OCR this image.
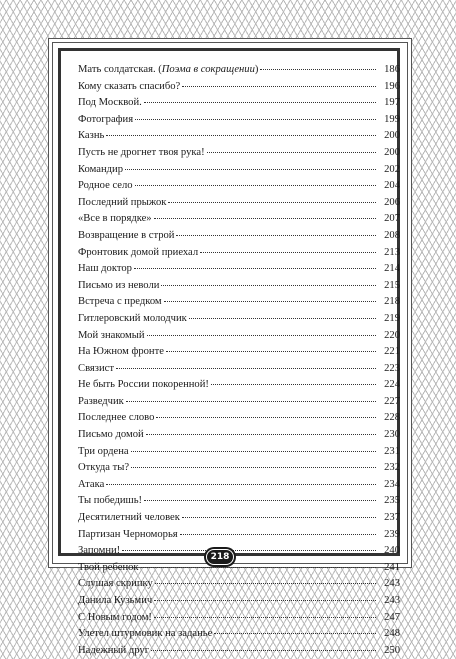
Мать солдатская. (Поэма в сокращении)	186
Кому сказать спасибо?	196
Под Москвой.	197
Фотография	199
Казнь	200
Пусть не дрогнет твоя рука!	200
Командир	202
Родное село	204
Последний прыжок	206
«Все в порядке»	207
Возвращение в строй	208
Фронтовик домой приехал	213
Наш доктор	214
Письмо из неволи	215
Встреча с предком	218
Гитлеровский молодчик	219
Мой знакомый	220
На Южном фронте	221
Связист	223
Не быть России покоренной!	224
Разведчик	227
Последнее слово	228
Письмо домой	230
Три ордена	231
Откуда ты?	232
Атака	234
Ты победишь!	235
Десятилетний человек	237
Партизан Черноморья	239
Запомни!	240
Твой ребенок	241
Слушая скрипку	243
Данила Кузьмич	243
С Новым годом!	247
Улетел штурмовик на заданье	248
Надежный друг	250
218
